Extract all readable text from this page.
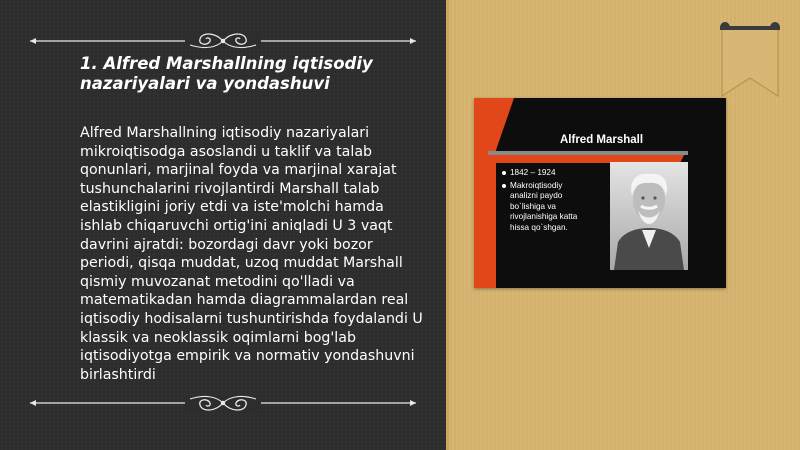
1. Alfred Marshallning iqtisodiy nazariyalari va yondashuvi

Alfred Marshallning iqtisodiy nazariyalari mikroiqtisodga asoslandi u taklif va talab qonunlari, marjinal foyda va marjinal xarajat tushunchalarini rivojlantirdi Marshall talab elastikligini joriy etdi va iste'molchi hamda ishlab chiqaruvchi ortig'ini aniqladi U 3 vaqt davrini ajratdi: bozordagi davr yoki bozor periodi, qisqa muddat, uzoq muddat Marshall qismiy muvozanat metodini qo'lladi va matematikadan hamda diagrammalardan real iqtisodiy hodisalarni tushuntirishda foydalandi U klassik va neoklassik oqimlarni bog'lab iqtisodiyotga empirik va normativ yondashuvni birlashtirdi

Alfred Marshall
1842 – 1924
Makroiqtisodiy analizni paydo bo`lishiga va rivojlanishiga katta hissa qo`shgan.
